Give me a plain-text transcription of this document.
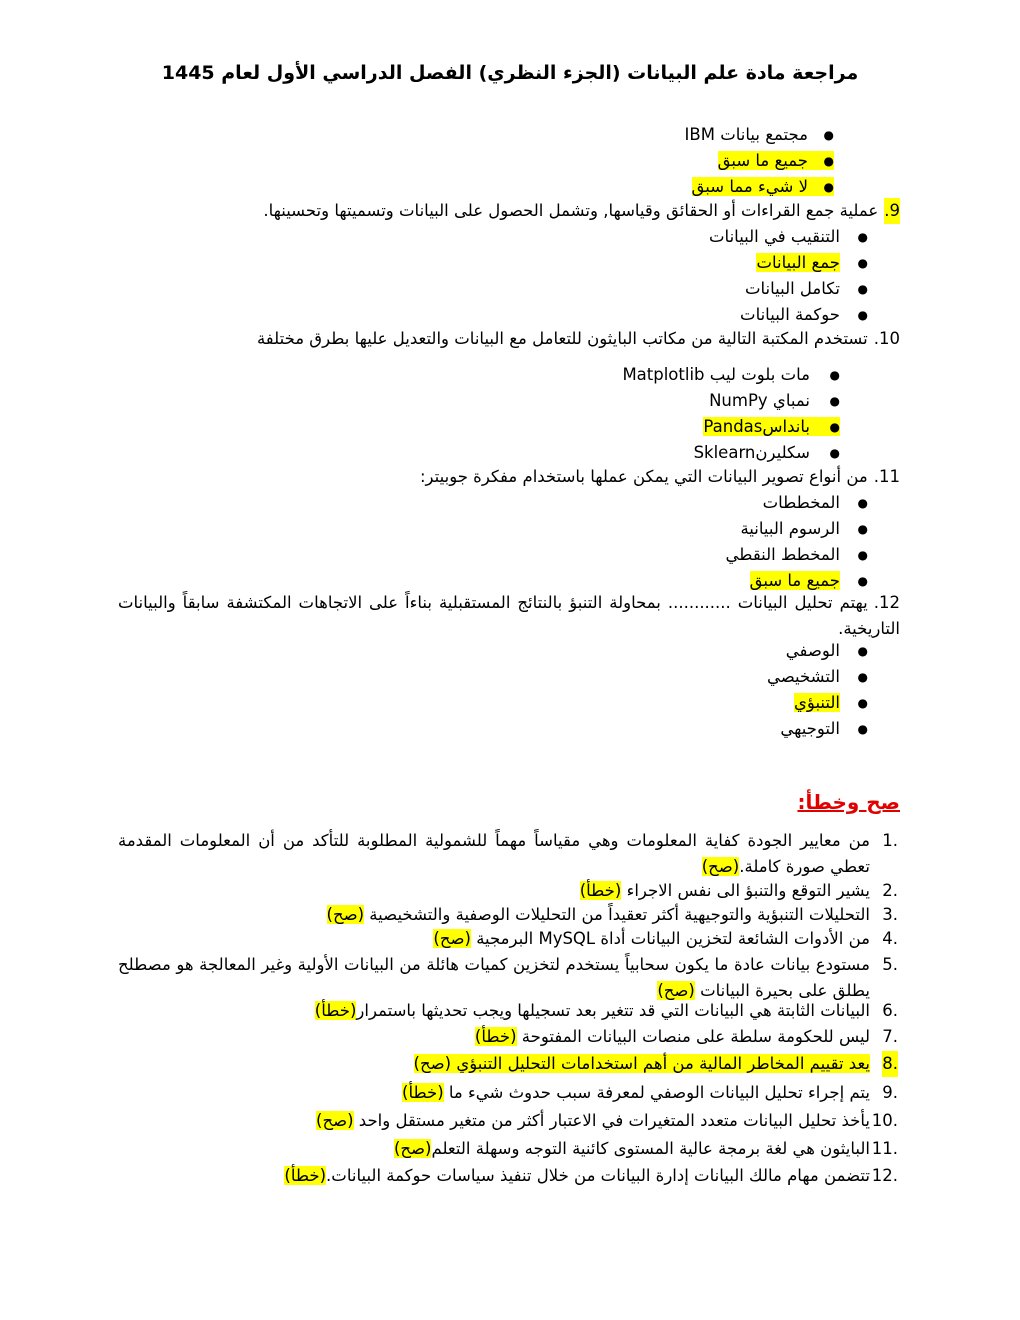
مراجعة مادة علم البيانات (الجزء النظري) الفصل الدراسي الأول لعام 1445
مجتمع بيانات IBM ●
جميع ما سبق	●
لا شيء مما سبق	●
9.عملية جمع القراءات أو الحقائق وقياسها, وتشمل الحصول على البيانات وتسميتها وتحسينها.
التنقيب في البيانات ●
جمع البيانات ●
تكامل البيانات ●
حوكمة البيانات ●
10.تستخدم المكتبة التالية من مكاتب البايثون للتعامل مع البيانات والتعديل عليها بطرق مختلفة
مات بلوت ليب Matplotlib ●
نمباي NumPy ●
بانداسPandas	●
سكليرنSklearn ●
11.من أنواع تصوير البيانات التي يمكن عملها باستخدام مفكرة جوبيتر:
المخططات ●
الرسوم البيانية ●
المخطط النقطي ●
جميع ما سبق ●
12.يهتم تحليل البيانات ............ بمحاولة التنبؤ بالنتائج المستقبلية بناءاً على الاتجاهات المكتشفة سابقاً والبيانات التاريخية.
الوصفي ●
التشخيصي ●
التنبؤي ●
التوجيهي ●
صح وخطأ:
1.
من معايير الجودة كفاية المعلومات وهي مقياساً مهماً للشمولية المطلوبة للتأكد من أن المعلومات المقدمة تعطي صورة كاملة.(صح)
2.
يشير التوقع والتنبؤ الى نفس الاجراء (خطأ)
3.
التحليلات التنبؤية والتوجيهية أكثر تعقيداً من التحليلات الوصفية والتشخيصية (صح)
4.
من الأدوات الشائعة لتخزين البيانات أداة MySQL البرمجية (صح)
5.
مستودع بيانات عادة ما يكون سحابياً يستخدم لتخزين كميات هائلة من البيانات الأولية وغير المعالجة هو مصطلح يطلق على بحيرة البيانات (صح)
6.
البيانات الثابتة هي البيانات التي قد تتغير بعد تسجيلها ويجب تحديثها باستمرار(خطأ)
7.
ليس للحكومة سلطة على منصات البيانات المفتوحة (خطأ)
8.
يعد تقييم المخاطر المالية من أهم استخدامات التحليل التنبؤي (صح)
9.
يتم إجراء تحليل البيانات الوصفي لمعرفة سبب حدوث شيء ما (خطأ)
10.
يأخذ تحليل البيانات متعدد المتغيرات في الاعتبار أكثر من متغير مستقل واحد (صح)
11.
البايثون هي لغة برمجة عالية المستوى كائنية التوجه وسهلة التعلم(صح)
12.
تتضمن مهام مالك البيانات إدارة البيانات من خلال تنفيذ سياسات حوكمة البيانات.(خطأ)
